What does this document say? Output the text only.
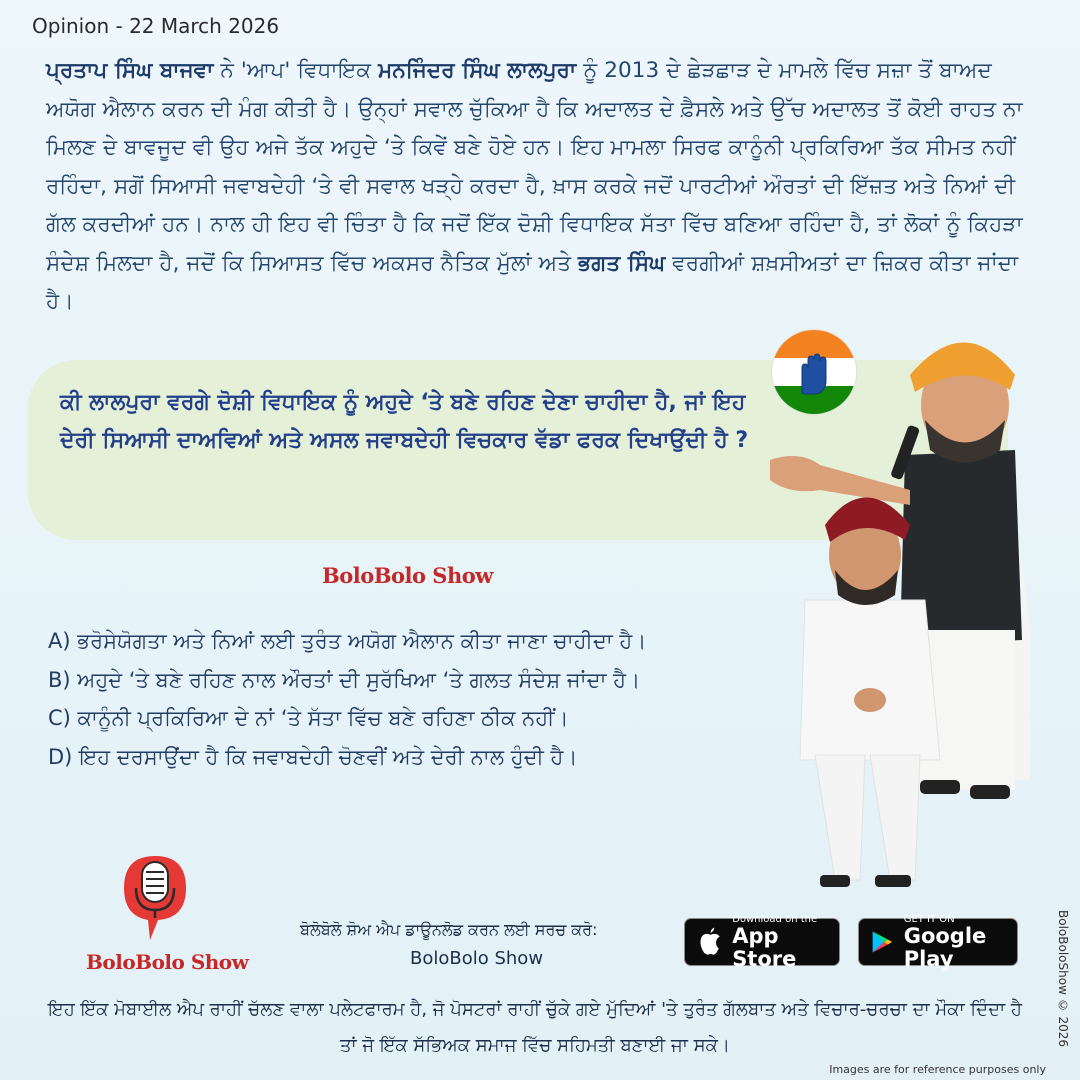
Opinion - 22 March 2026
ਪ੍ਰਤਾਪ ਸਿੰਘ ਬਾਜਵਾ ਨੇ 'ਆਪ' ਵਿਧਾਇਕ ਮਨਜਿੰਦਰ ਸਿੰਘ ਲਾਲਪੁਰਾ ਨੂੰ 2013 ਦੇ ਛੇੜਛਾੜ ਦੇ ਮਾਮਲੇ ਵਿੱਚ ਸਜ਼ਾ ਤੋਂ ਬਾਅਦ ਅਯੋਗ ਐਲਾਨ ਕਰਨ ਦੀ ਮੰਗ ਕੀਤੀ ਹੈ। ਉਨ੍ਹਾਂ ਸਵਾਲ ਚੁੱਕਿਆ ਹੈ ਕਿ ਅਦਾਲਤ ਦੇ ਫ਼ੈਸਲੇ ਅਤੇ ਉੱਚ ਅਦਾਲਤ ਤੋਂ ਕੋਈ ਰਾਹਤ ਨਾ ਮਿਲਣ ਦੇ ਬਾਵਜੂਦ ਵੀ ਉਹ ਅਜੇ ਤੱਕ ਅਹੁਦੇ ‘ਤੇ ਕਿਵੇਂ ਬਣੇ ਹੋਏ ਹਨ। ਇਹ ਮਾਮਲਾ ਸਿਰਫ ਕਾਨੂੰਨੀ ਪ੍ਰਕਿਰਿਆ ਤੱਕ ਸੀਮਤ ਨਹੀਂ ਰਹਿੰਦਾ, ਸਗੋਂ ਸਿਆਸੀ ਜਵਾਬਦੇਹੀ ‘ਤੇ ਵੀ ਸਵਾਲ ਖੜ੍ਹੇ ਕਰਦਾ ਹੈ, ਖ਼ਾਸ ਕਰਕੇ ਜਦੋਂ ਪਾਰਟੀਆਂ ਔਰਤਾਂ ਦੀ ਇੱਜ਼ਤ ਅਤੇ ਨਿਆਂ ਦੀ ਗੱਲ ਕਰਦੀਆਂ ਹਨ। ਨਾਲ ਹੀ ਇਹ ਵੀ ਚਿੰਤਾ ਹੈ ਕਿ ਜਦੋਂ ਇੱਕ ਦੋਸ਼ੀ ਵਿਧਾਇਕ ਸੱਤਾ ਵਿੱਚ ਬਣਿਆ ਰਹਿੰਦਾ ਹੈ, ਤਾਂ ਲੋਕਾਂ ਨੂੰ ਕਿਹੜਾ ਸੰਦੇਸ਼ ਮਿਲਦਾ ਹੈ, ਜਦੋਂ ਕਿ ਸਿਆਸਤ ਵਿੱਚ ਅਕਸਰ ਨੈਤਿਕ ਮੁੱਲਾਂ ਅਤੇ ਭਗਤ ਸਿੰਘ ਵਰਗੀਆਂ ਸ਼ਖ਼ਸੀਅਤਾਂ ਦਾ ਜ਼ਿਕਰ ਕੀਤਾ ਜਾਂਦਾ ਹੈ।
ਕੀ ਲਾਲਪੁਰਾ ਵਰਗੇ ਦੋਸ਼ੀ ਵਿਧਾਇਕ ਨੂੰ ਅਹੁਦੇ ‘ਤੇ ਬਣੇ ਰਹਿਣ ਦੇਣਾ ਚਾਹੀਦਾ ਹੈ, ਜਾਂ ਇਹ ਦੇਰੀ ਸਿਆਸੀ ਦਾਅਵਿਆਂ ਅਤੇ ਅਸਲ ਜਵਾਬਦੇਹੀ ਵਿਚਕਾਰ ਵੱਡਾ ਫਰਕ ਦਿਖਾਉਂਦੀ ਹੈ ?
BoloBolo Show
A) ਭਰੋਸੇਯੋਗਤਾ ਅਤੇ ਨਿਆਂ ਲਈ ਤੁਰੰਤ ਅਯੋਗ ਐਲਾਨ ਕੀਤਾ ਜਾਣਾ ਚਾਹੀਦਾ ਹੈ।
B) ਅਹੁਦੇ ‘ਤੇ ਬਣੇ ਰਹਿਣ ਨਾਲ ਔਰਤਾਂ ਦੀ ਸੁਰੱਖਿਆ ‘ਤੇ ਗਲਤ ਸੰਦੇਸ਼ ਜਾਂਦਾ ਹੈ।
C) ਕਾਨੂੰਨੀ ਪ੍ਰਕਿਰਿਆ ਦੇ ਨਾਂ ‘ਤੇ ਸੱਤਾ ਵਿੱਚ ਬਣੇ ਰਹਿਣਾ ਠੀਕ ਨਹੀਂ।
D) ਇਹ ਦਰਸਾਉਂਦਾ ਹੈ ਕਿ ਜਵਾਬਦੇਹੀ ਚੋਣਵੀਂ ਅਤੇ ਦੇਰੀ ਨਾਲ ਹੁੰਦੀ ਹੈ।
BoloBolo Show
ਬੋਲੋਬੋਲੋ ਸ਼ੋਅ ਐਪ ਡਾਊਨਲੋਡ ਕਰਨ ਲਈ ਸਰਚ ਕਰੋ:
BoloBolo Show
Download on the
App Store
GET IT ON
Google Play
ਇਹ ਇੱਕ ਮੋਬਾਈਲ ਐਪ ਰਾਹੀਂ ਚੱਲਣ ਵਾਲਾ ਪਲੇਟਫਾਰਮ ਹੈ, ਜੋ ਪੋਸਟਰਾਂ ਰਾਹੀਂ ਚੁੱਕੇ ਗਏ ਮੁੱਦਿਆਂ 'ਤੇ ਤੁਰੰਤ ਗੱਲਬਾਤ ਅਤੇ ਵਿਚਾਰ-ਚਰਚਾ ਦਾ ਮੌਕਾ ਦਿੰਦਾ ਹੈ ਤਾਂ ਜੋ ਇੱਕ ਸੱਭਿਅਕ ਸਮਾਜ ਵਿੱਚ ਸਹਿਮਤੀ ਬਣਾਈ ਜਾ ਸਕੇ।	BoloBoloShow © 2026
Images are for reference purposes only
